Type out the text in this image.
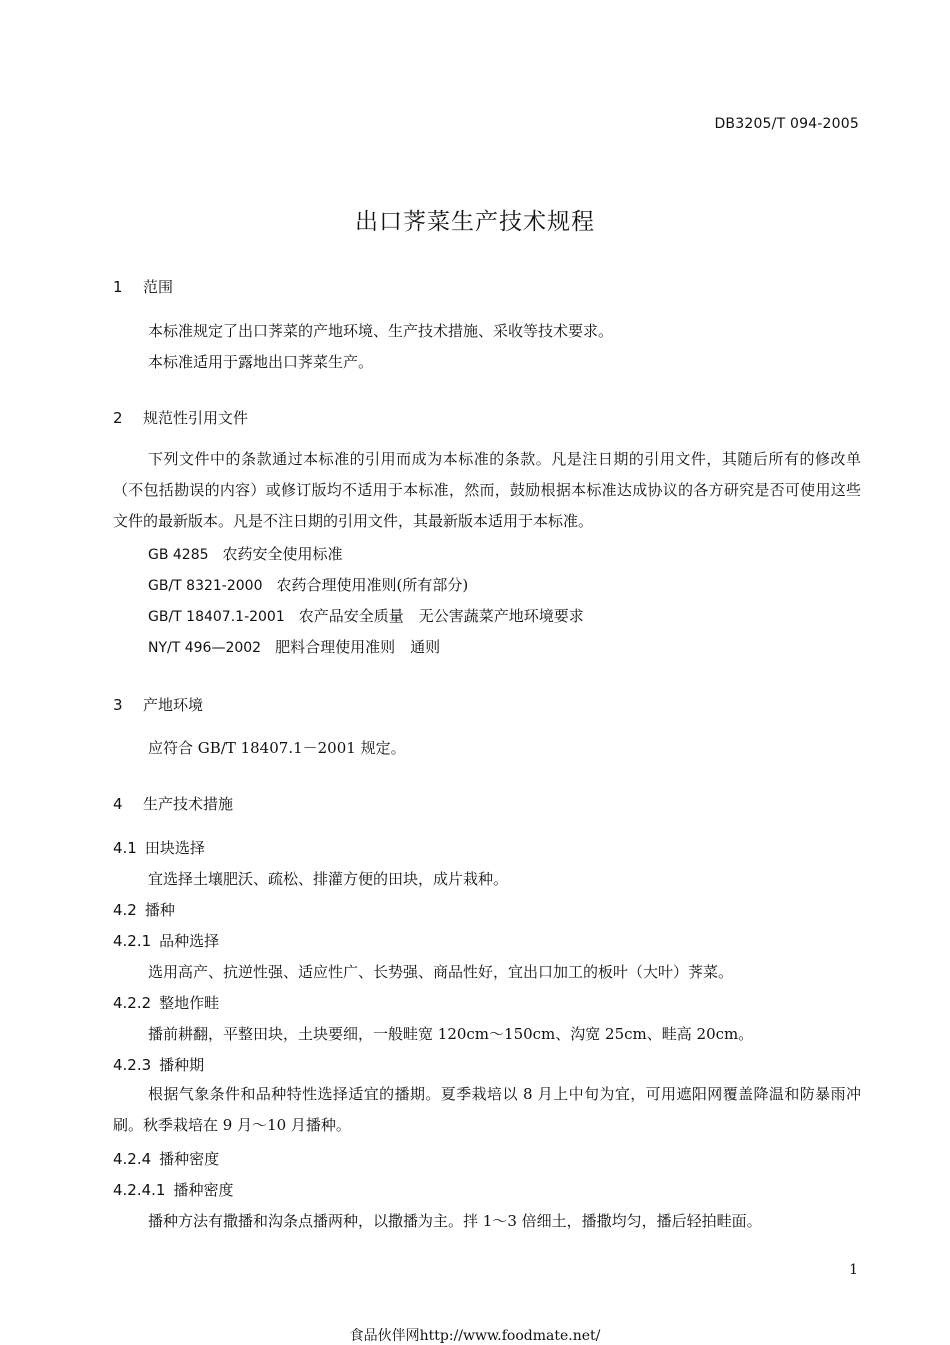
DB3205/T 094-2005
出口荠菜生产技术规程
1 范围
本标准规定了出口荠菜的产地环境、生产技术措施、采收等技术要求。
本标准适用于露地出口荠菜生产。
2 规范性引用文件
下列文件中的条款通过本标准的引用而成为本标准的条款。凡是注日期的引用文件，其随后所有的修改单（不包括勘误的内容）或修订版均不适用于本标准，然而，鼓励根据本标准达成协议的各方研究是否可使用这些文件的最新版本。凡是不注日期的引用文件，其最新版本适用于本标准。
GB 4285 农药安全使用标准
GB/T 8321-2000 农药合理使用准则(所有部分)
GB/T 18407.1-2001 农产品安全质量　无公害蔬菜产地环境要求
NY/T 496—2002 肥料合理使用准则　通则
3 产地环境
应符合 GB/T 18407.1－2001 规定。
4 生产技术措施
4.1 田块选择
宜选择土壤肥沃、疏松、排灌方便的田块，成片栽种。
4.2 播种
4.2.1 品种选择
选用高产、抗逆性强、适应性广、长势强、商品性好，宜出口加工的板叶（大叶）荠菜。
4.2.2 整地作畦
播前耕翻，平整田块，土块要细，一般畦宽 120cm～150cm、沟宽 25cm、畦高 20cm。
4.2.3 播种期
根据气象条件和品种特性选择适宜的播期。夏季栽培以 8 月上中旬为宜，可用遮阳网覆盖降温和防暴雨冲刷。秋季栽培在 9 月～10 月播种。
4.2.4 播种密度
4.2.4.1 播种密度
播种方法有撒播和沟条点播两种，以撒播为主。拌 1～3 倍细土，播撒均匀，播后轻拍畦面。
1
食品伙伴网http://www.foodmate.net/
